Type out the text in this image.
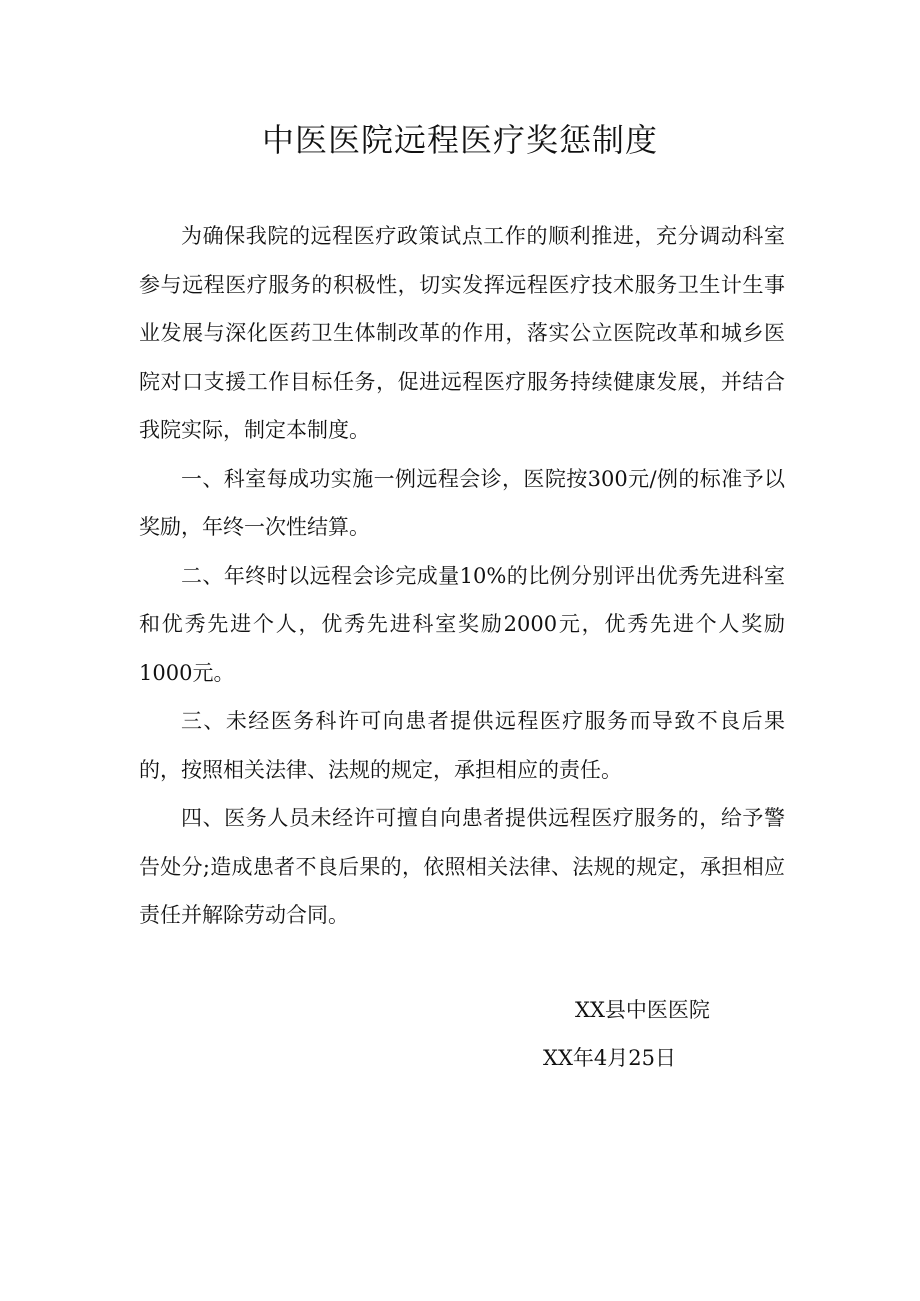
中医医院远程医疗奖惩制度

为确保我院的远程医疗政策试点工作的顺利推进，充分调动科室参与远程医疗服务的积极性，切实发挥远程医疗技术服务卫生计生事业发展与深化医药卫生体制改革的作用，落实公立医院改革和城乡医院对口支援工作目标任务，促进远程医疗服务持续健康发展，并结合我院实际，制定本制度。

一、科室每成功实施一例远程会诊，医院按300元/例的标准予以奖励，年终一次性结算。

二、年终时以远程会诊完成量10%的比例分别评出优秀先进科室和优秀先进个人，优秀先进科室奖励2000元，优秀先进个人奖励1000元。

三、未经医务科许可向患者提供远程医疗服务而导致不良后果的，按照相关法律、法规的规定，承担相应的责任。

四、医务人员未经许可擅自向患者提供远程医疗服务的，给予警告处分;造成患者不良后果的，依照相关法律、法规的规定，承担相应责任并解除劳动合同。

XX县中医医院
XX年4月25日
